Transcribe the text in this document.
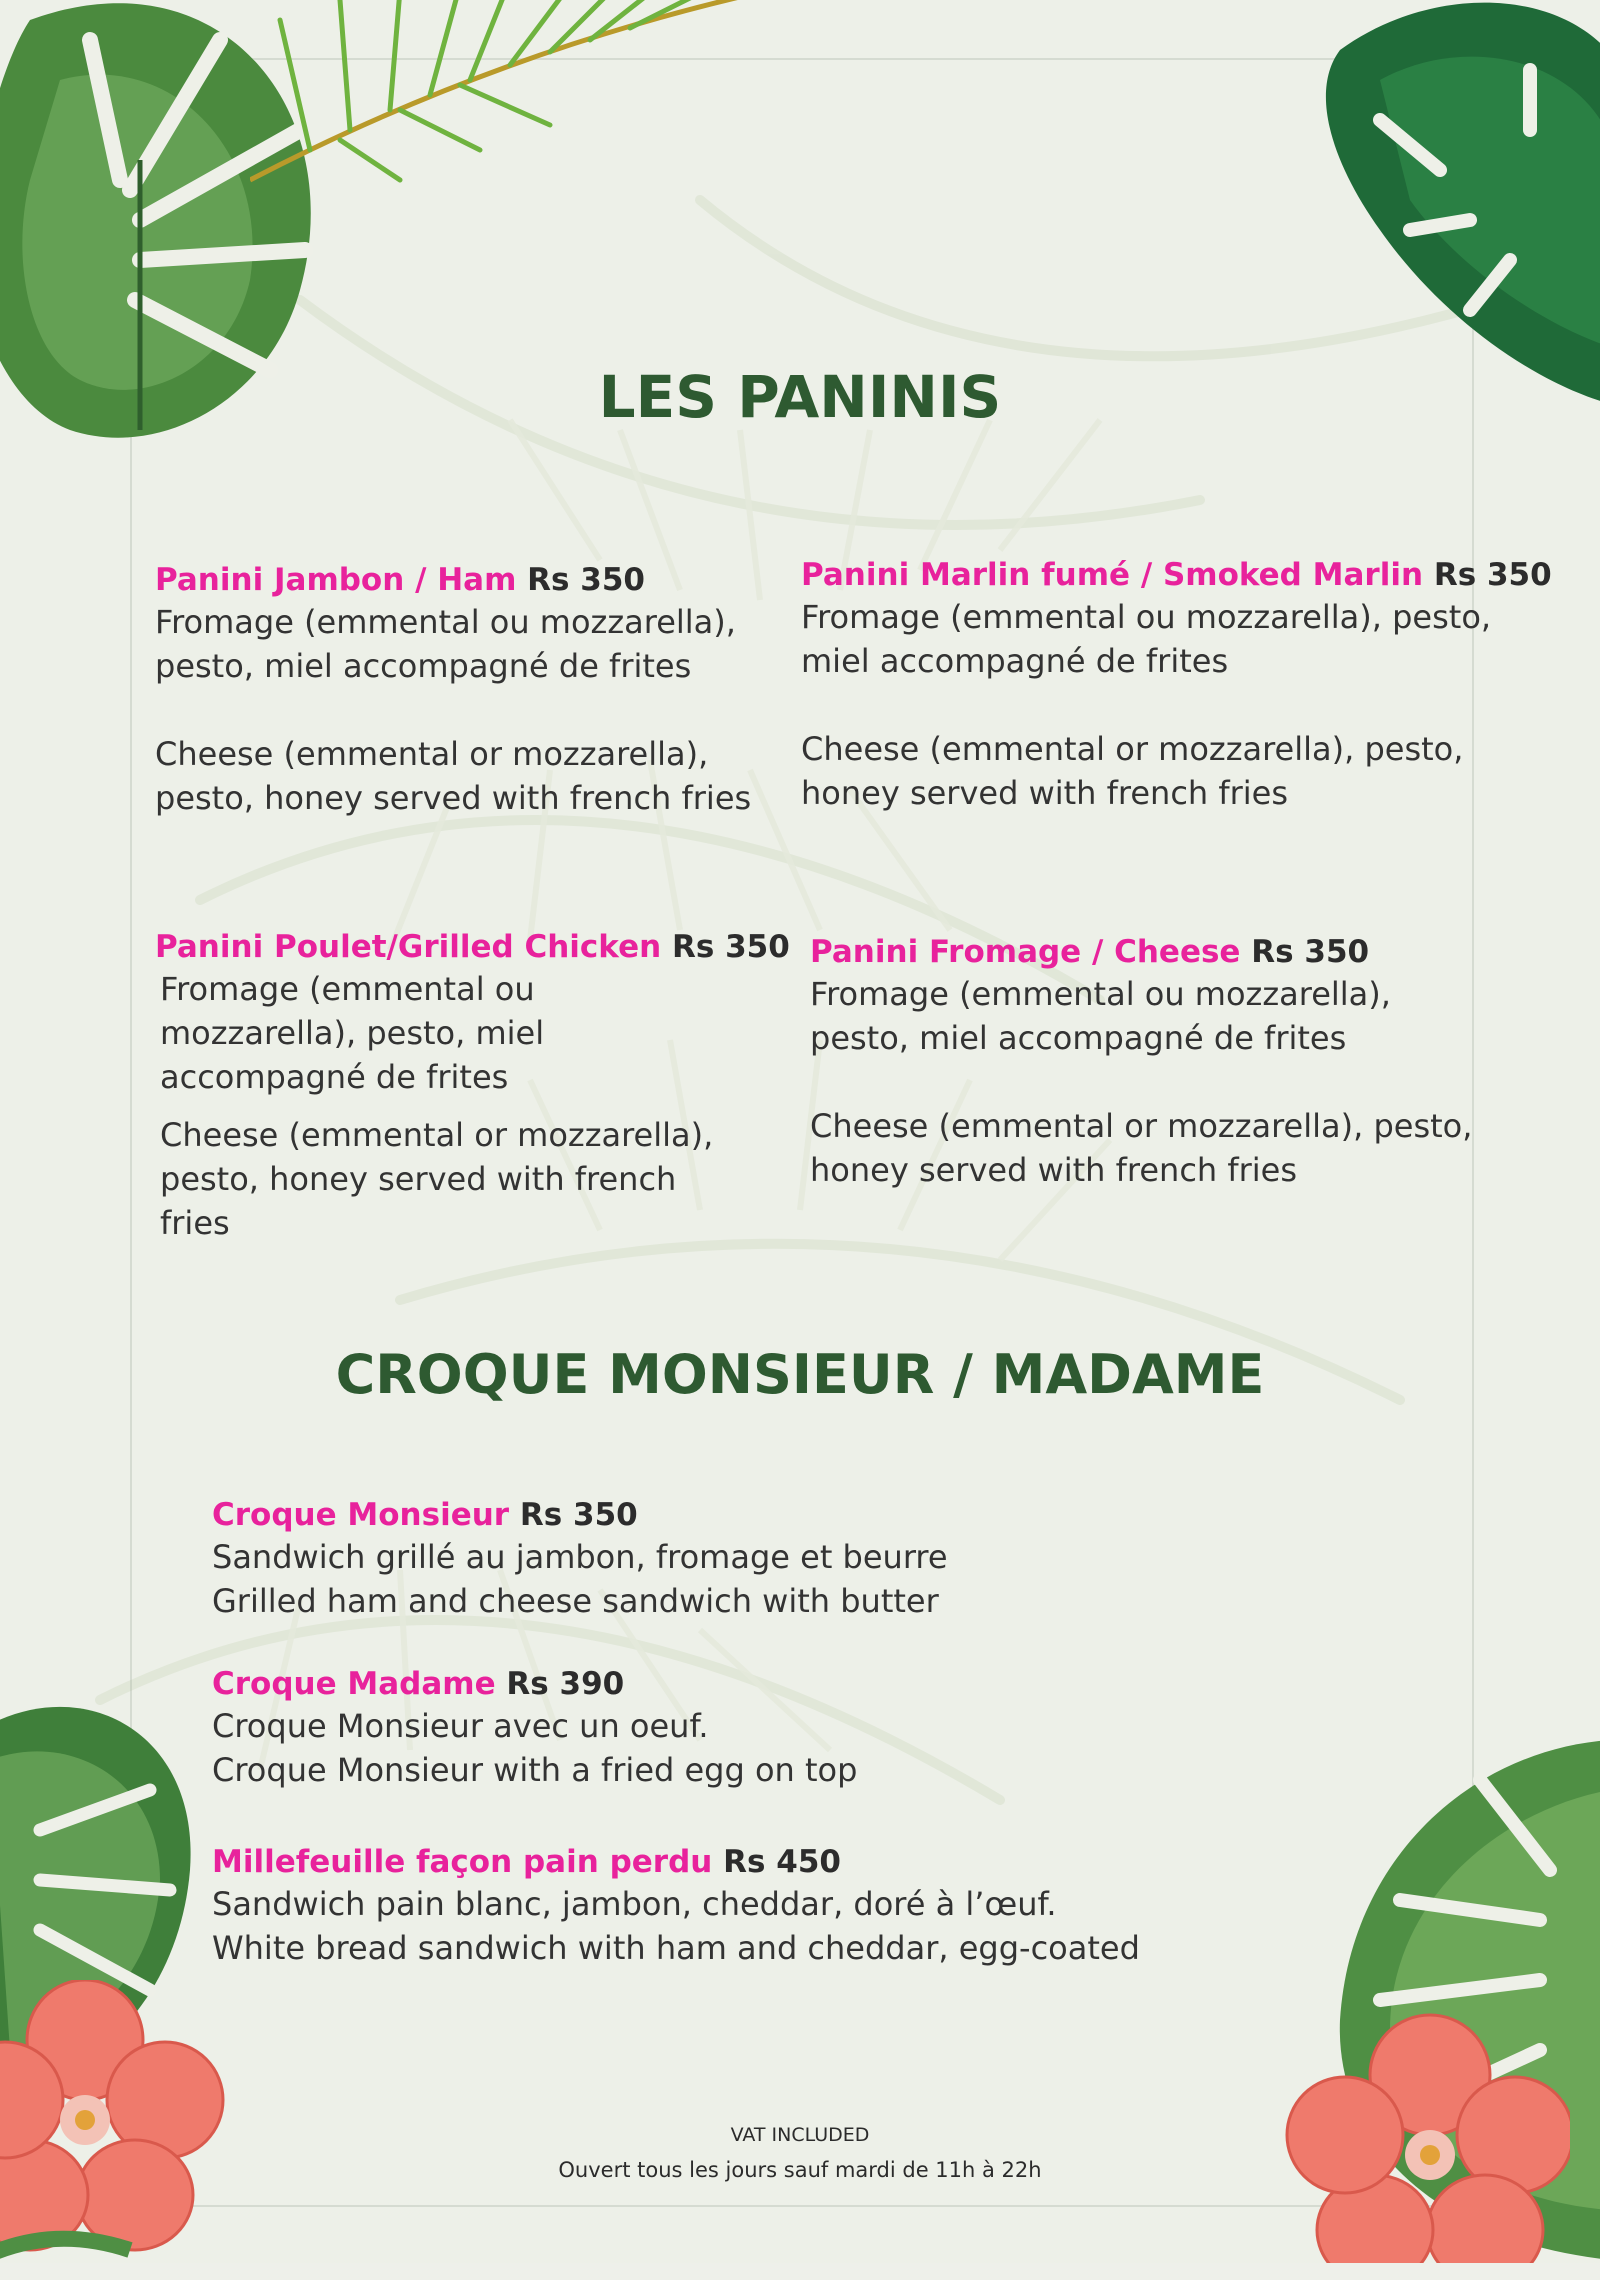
LES PANINIS
Panini Jambon / Ham Rs 350
Fromage (emmental ou mozzarella),
pesto, miel accompagné de frites
Cheese (emmental or mozzarella),
pesto, honey served with french fries
Panini Marlin fumé / Smoked Marlin Rs 350
Fromage (emmental ou mozzarella), pesto,
miel accompagné de frites
Cheese (emmental or mozzarella), pesto,
honey served with french fries
Panini Poulet/Grilled Chicken Rs 350
Fromage (emmental ou
mozzarella), pesto, miel
accompagné de frites
Cheese (emmental or mozzarella),
pesto, honey served with french
fries
Panini Fromage / Cheese Rs 350
Fromage (emmental ou mozzarella),
pesto, miel accompagné de frites
Cheese (emmental or mozzarella), pesto,
honey served with french fries
CROQUE MONSIEUR / MADAME
Croque Monsieur Rs 350
Sandwich grillé au jambon, fromage et beurre
Grilled ham and cheese sandwich with butter
Croque Madame Rs 390
Croque Monsieur avec un oeuf.
Croque Monsieur with a fried egg on top
Millefeuille façon pain perdu Rs 450
Sandwich pain blanc, jambon, cheddar, doré à l’œuf.
White bread sandwich with ham and cheddar, egg-coated
VAT INCLUDED
Ouvert tous les jours sauf mardi de 11h à 22h
